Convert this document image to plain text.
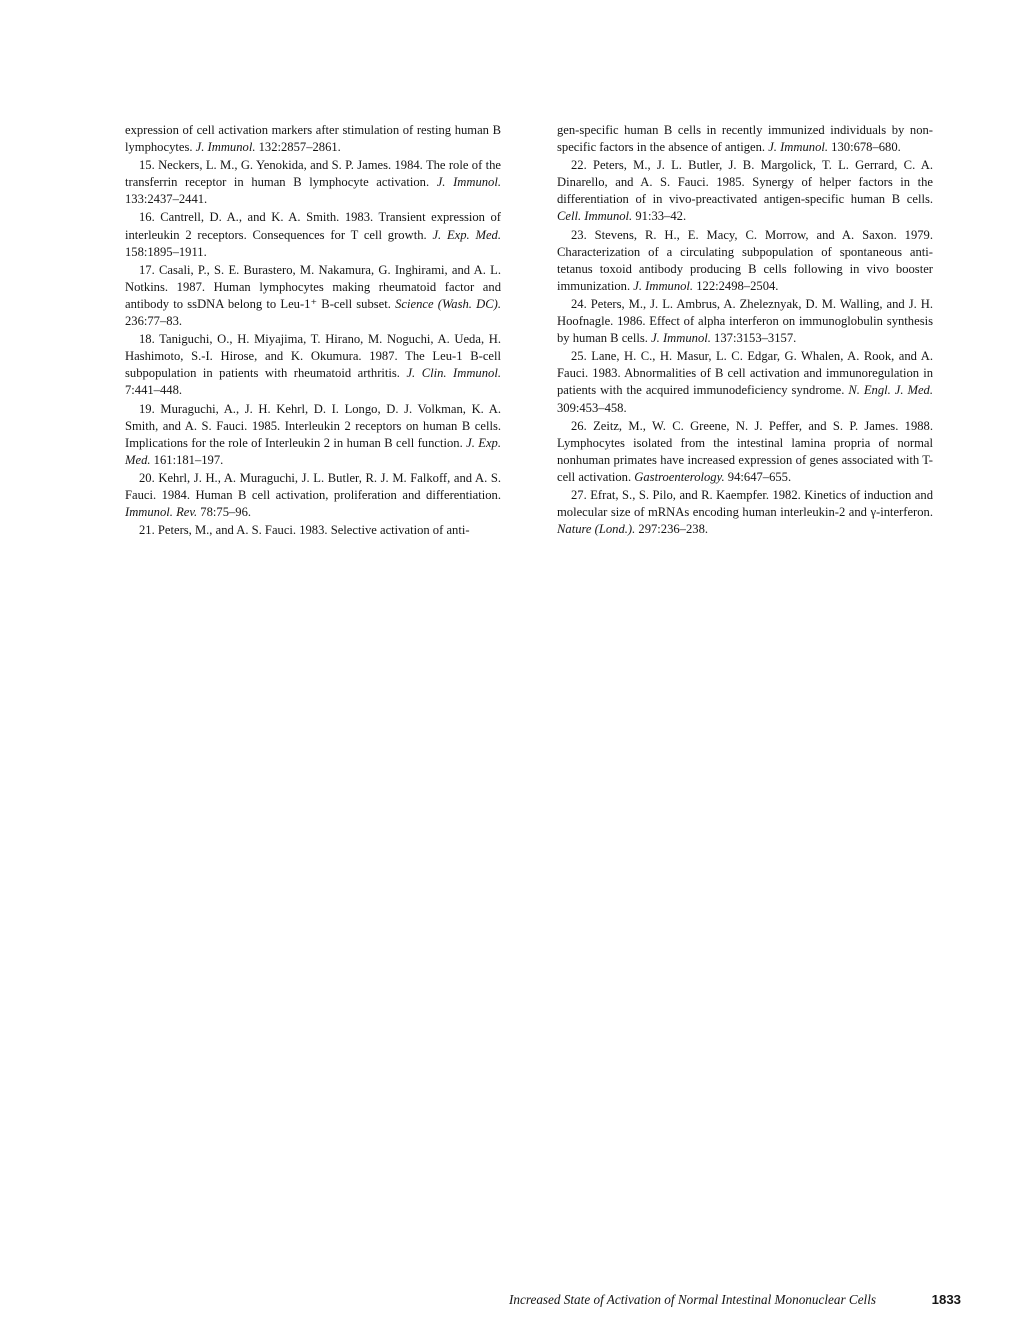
expression of cell activation markers after stimulation of resting human B lymphocytes. J. Immunol. 132:2857–2861.

15. Neckers, L. M., G. Yenokida, and S. P. James. 1984. The role of the transferrin receptor in human B lymphocyte activation. J. Immunol. 133:2437–2441.

16. Cantrell, D. A., and K. A. Smith. 1983. Transient expression of interleukin 2 receptors. Consequences for T cell growth. J. Exp. Med. 158:1895–1911.

17. Casali, P., S. E. Burastero, M. Nakamura, G. Inghirami, and A. L. Notkins. 1987. Human lymphocytes making rheumatoid factor and antibody to ssDNA belong to Leu-1⁺ B-cell subset. Science (Wash. DC). 236:77–83.

18. Taniguchi, O., H. Miyajima, T. Hirano, M. Noguchi, A. Ueda, H. Hashimoto, S.-I. Hirose, and K. Okumura. 1987. The Leu-1 B-cell subpopulation in patients with rheumatoid arthritis. J. Clin. Immunol. 7:441–448.

19. Muraguchi, A., J. H. Kehrl, D. I. Longo, D. J. Volkman, K. A. Smith, and A. S. Fauci. 1985. Interleukin 2 receptors on human B cells. Implications for the role of Interleukin 2 in human B cell function. J. Exp. Med. 161:181–197.

20. Kehrl, J. H., A. Muraguchi, J. L. Butler, R. J. M. Falkoff, and A. S. Fauci. 1984. Human B cell activation, proliferation and differentiation. Immunol. Rev. 78:75–96.

21. Peters, M., and A. S. Fauci. 1983. Selective activation of anti-

gen-specific human B cells in recently immunized individuals by non-specific factors in the absence of antigen. J. Immunol. 130:678–680.

22. Peters, M., J. L. Butler, J. B. Margolick, T. L. Gerrard, C. A. Dinarello, and A. S. Fauci. 1985. Synergy of helper factors in the differentiation of in vivo-preactivated antigen-specific human B cells. Cell. Immunol. 91:33–42.

23. Stevens, R. H., E. Macy, C. Morrow, and A. Saxon. 1979. Characterization of a circulating subpopulation of spontaneous anti-tetanus toxoid antibody producing B cells following in vivo booster immunization. J. Immunol. 122:2498–2504.

24. Peters, M., J. L. Ambrus, A. Zheleznyak, D. M. Walling, and J. H. Hoofnagle. 1986. Effect of alpha interferon on immunoglobulin synthesis by human B cells. J. Immunol. 137:3153–3157.

25. Lane, H. C., H. Masur, L. C. Edgar, G. Whalen, A. Rook, and A. Fauci. 1983. Abnormalities of B cell activation and immunoregulation in patients with the acquired immunodeficiency syndrome. N. Engl. J. Med. 309:453–458.

26. Zeitz, M., W. C. Greene, N. J. Peffer, and S. P. James. 1988. Lymphocytes isolated from the intestinal lamina propria of normal nonhuman primates have increased expression of genes associated with T-cell activation. Gastroenterology. 94:647–655.

27. Efrat, S., S. Pilo, and R. Kaempfer. 1982. Kinetics of induction and molecular size of mRNAs encoding human interleukin-2 and γ-interferon. Nature (Lond.). 297:236–238.

Increased State of Activation of Normal Intestinal Mononuclear Cells	1833
